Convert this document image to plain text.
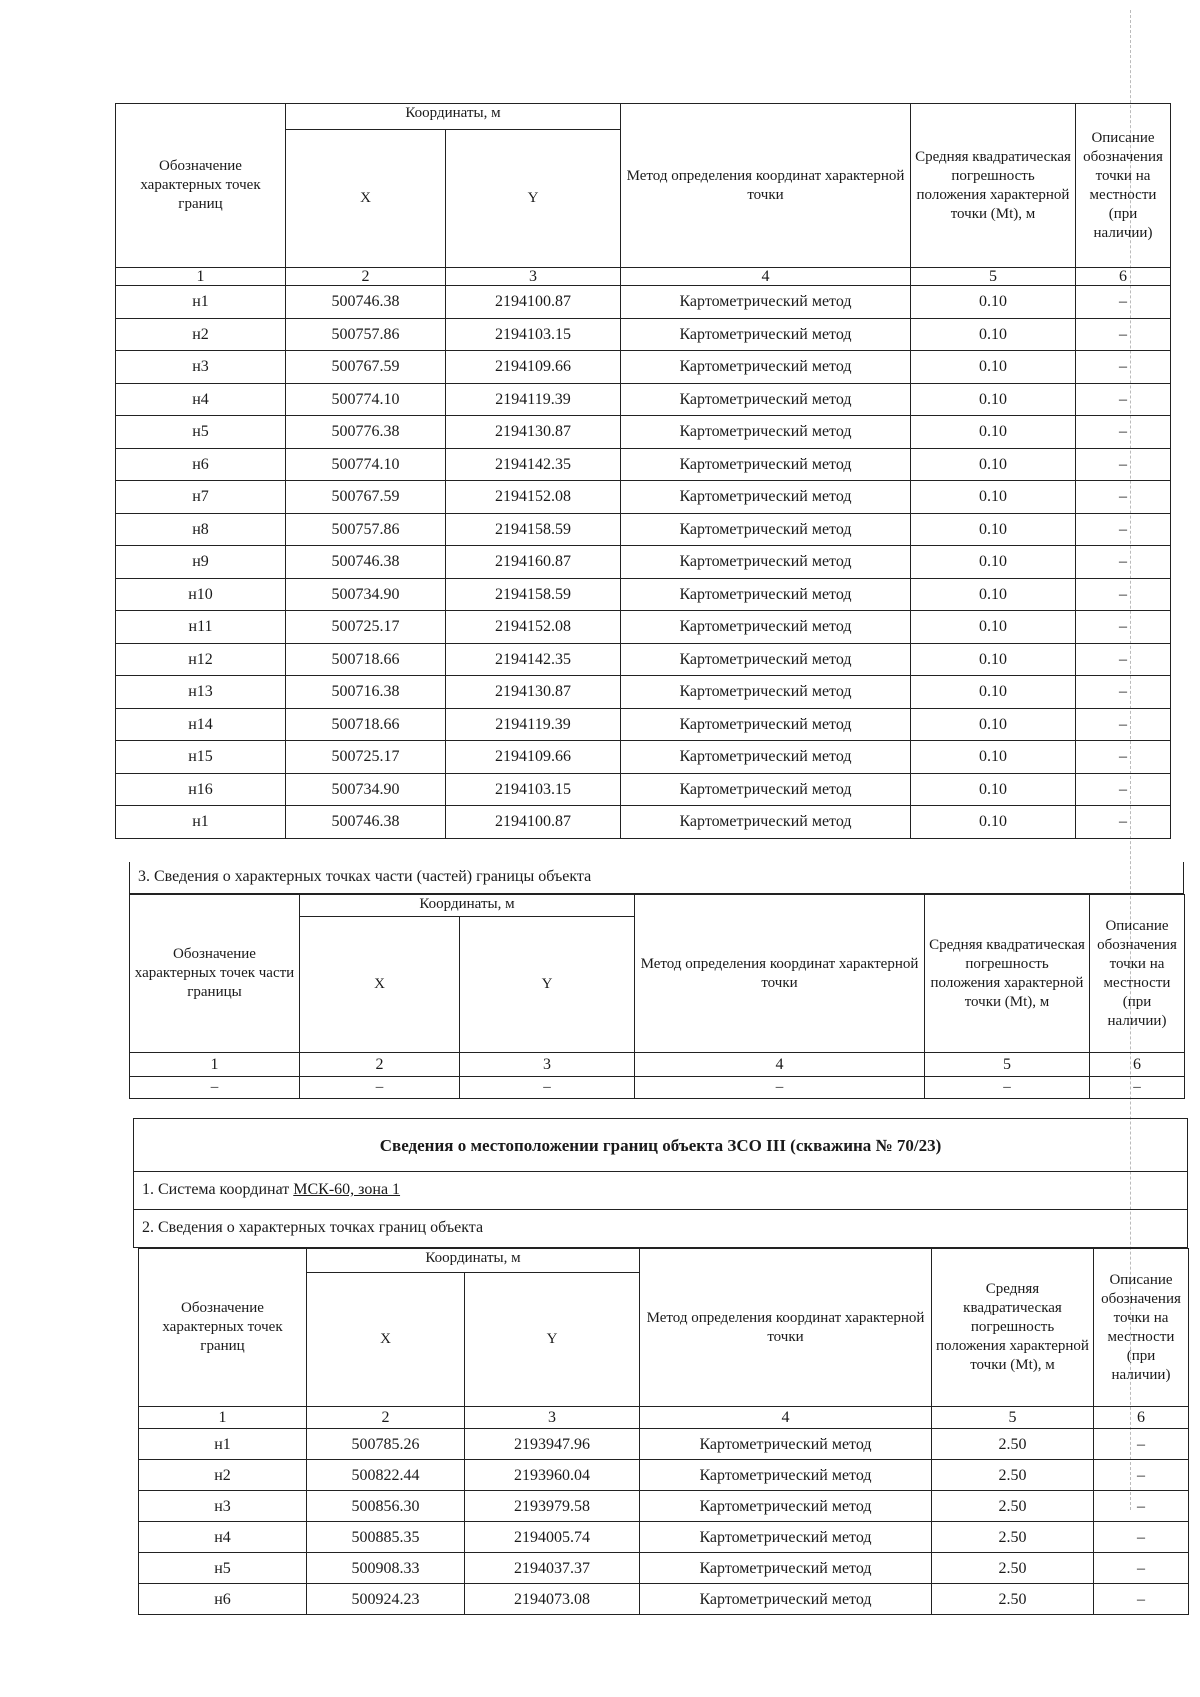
Обозначение характерных точек границ	Координаты, м		Метод определения координат характерной точки	Средняя квадратическая погрешность положения характерной точки (Mt), м	Описание обозначения точки на местности (при наличии)
	X	Y			
1	2	3	4	5	6
н1	500746.38	2194100.87	Картометрический метод	0.10	–
н2	500757.86	2194103.15	Картометрический метод	0.10	–
н3	500767.59	2194109.66	Картометрический метод	0.10	–
н4	500774.10	2194119.39	Картометрический метод	0.10	–
н5	500776.38	2194130.87	Картометрический метод	0.10	–
н6	500774.10	2194142.35	Картометрический метод	0.10	–
н7	500767.59	2194152.08	Картометрический метод	0.10	–
н8	500757.86	2194158.59	Картометрический метод	0.10	–
н9	500746.38	2194160.87	Картометрический метод	0.10	–
н10	500734.90	2194158.59	Картометрический метод	0.10	–
н11	500725.17	2194152.08	Картометрический метод	0.10	–
н12	500718.66	2194142.35	Картометрический метод	0.10	–
н13	500716.38	2194130.87	Картометрический метод	0.10	–
н14	500718.66	2194119.39	Картометрический метод	0.10	–
н15	500725.17	2194109.66	Картометрический метод	0.10	–
н16	500734.90	2194103.15	Картометрический метод	0.10	–
н1	500746.38	2194100.87	Картометрический метод	0.10	–
3. Сведения о характерных точках части (частей) границы объекта
Обозначение характерных точек части границы	Координаты, м		Метод определения координат характерной точки	Средняя квадратическая погрешность положения характерной точки (Mt), м	Описание обозначения точки на местности (при наличии)
	X	Y			
1	2	3	4	5	6
–	–	–	–	–	–
Сведения о местоположении границ объекта ЗСО III (скважина № 70/23)
1. Система координат МСК-60, зона 1
2. Сведения о характерных точках границ объекта
Обозначение характерных точек границ	Координаты, м		Метод определения координат характерной точки	Средняя квадратическая погрешность положения характерной точки (Mt), м	Описание обозначения точки на местности (при наличии)
	X	Y			
1	2	3	4	5	6
н1	500785.26	2193947.96	Картометрический метод	2.50	–
н2	500822.44	2193960.04	Картометрический метод	2.50	–
н3	500856.30	2193979.58	Картометрический метод	2.50	–
н4	500885.35	2194005.74	Картометрический метод	2.50	–
н5	500908.33	2194037.37	Картометрический метод	2.50	–
н6	500924.23	2194073.08	Картометрический метод	2.50	–
